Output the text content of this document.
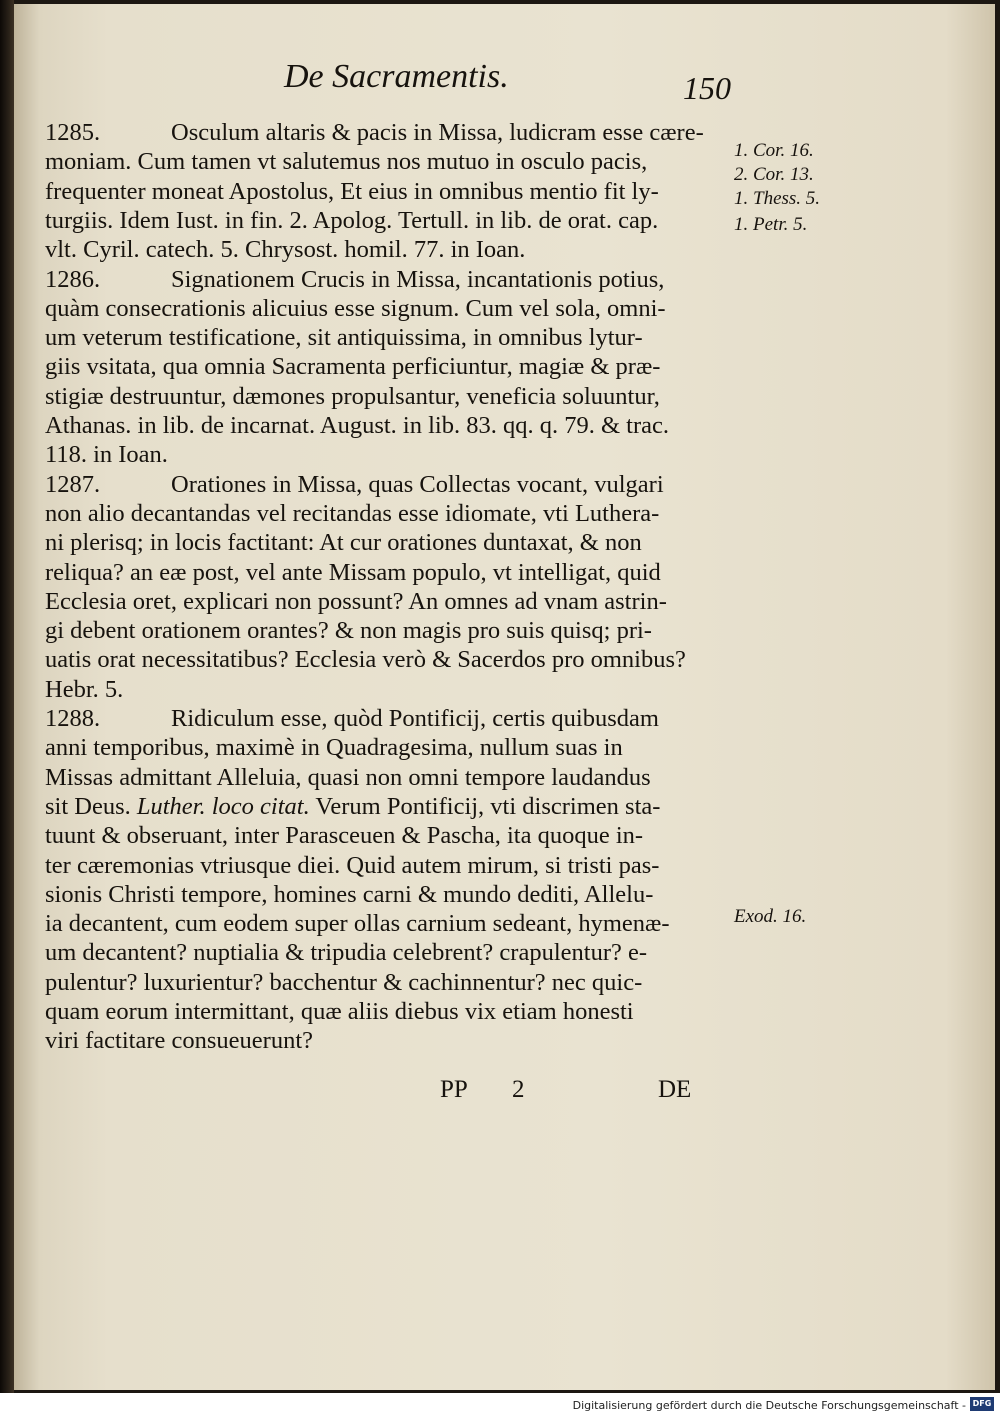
De Sacramentis.	150
1285.	Osculum altaris & pacis in Missa, ludicram esse cære-
moniam. Cum tamen vt salutemus nos mutuo in osculo pacis,
frequenter moneat Apostolus, Et eius in omnibus mentio fit ly-
turgiis. Idem Iust. in fin. 2. Apolog. Tertull. in lib. de orat. cap.
vlt. Cyril. catech. 5. Chrysost. homil. 77. in Ioan.
1286.	Signationem Crucis in Missa, incantationis potius,
quàm consecrationis alicuius esse signum. Cum vel sola, omni-
um veterum testificatione, sit antiquissima, in omnibus lytur-
giis vsitata, qua omnia Sacramenta perficiuntur, magiæ & præ-
stigiæ destruuntur, dæmones propulsantur, veneficia soluuntur,
Athanas. in lib. de incarnat. August. in lib. 83. qq. q. 79. & trac.
118. in Ioan.
1287.	Orationes in Missa, quas Collectas vocant, vulgari
non alio decantandas vel recitandas esse idiomate, vti Luthera-
ni plerisq; in locis factitant: At cur orationes duntaxat, & non
reliqua? an eæ post, vel ante Missam populo, vt intelligat, quid
Ecclesia oret, explicari non possunt? An omnes ad vnam astrin-
gi debent orationem orantes? & non magis pro suis quisq; pri-
uatis orat necessitatibus? Ecclesia verò & Sacerdos pro omnibus?
Hebr. 5.
1288.	Ridiculum esse, quòd Pontificij, certis quibusdam
anni temporibus, maximè in Quadragesima, nullum suas in
Missas admittant Alleluia, quasi non omni tempore laudandus
sit Deus. Luther. loco citat. Verum Pontificij, vti discrimen sta-
tuunt & obseruant, inter Parasceuen & Pascha, ita quoque in-
ter cæremonias vtriusque diei. Quid autem mirum, si tristi pas-
sionis Christi tempore, homines carni & mundo dediti, Allelu-
ia decantent, cum eodem super ollas carnium sedeant, hymenæ-
um decantent? nuptialia & tripudia celebrent? crapulentur? e-
pulentur? luxurientur? bacchentur & cachinnentur? nec quic-
quam eorum intermittant, quæ aliis diebus vix etiam honesti
viri factitare consueuerunt?
1. Cor. 16.
2. Cor. 13.
1. Thess. 5.
1. Petr. 5.
Exod. 16.
PP 2	DE
Digitalisierung gefördert durch die Deutsche Forschungsgemeinschaft - DFG
